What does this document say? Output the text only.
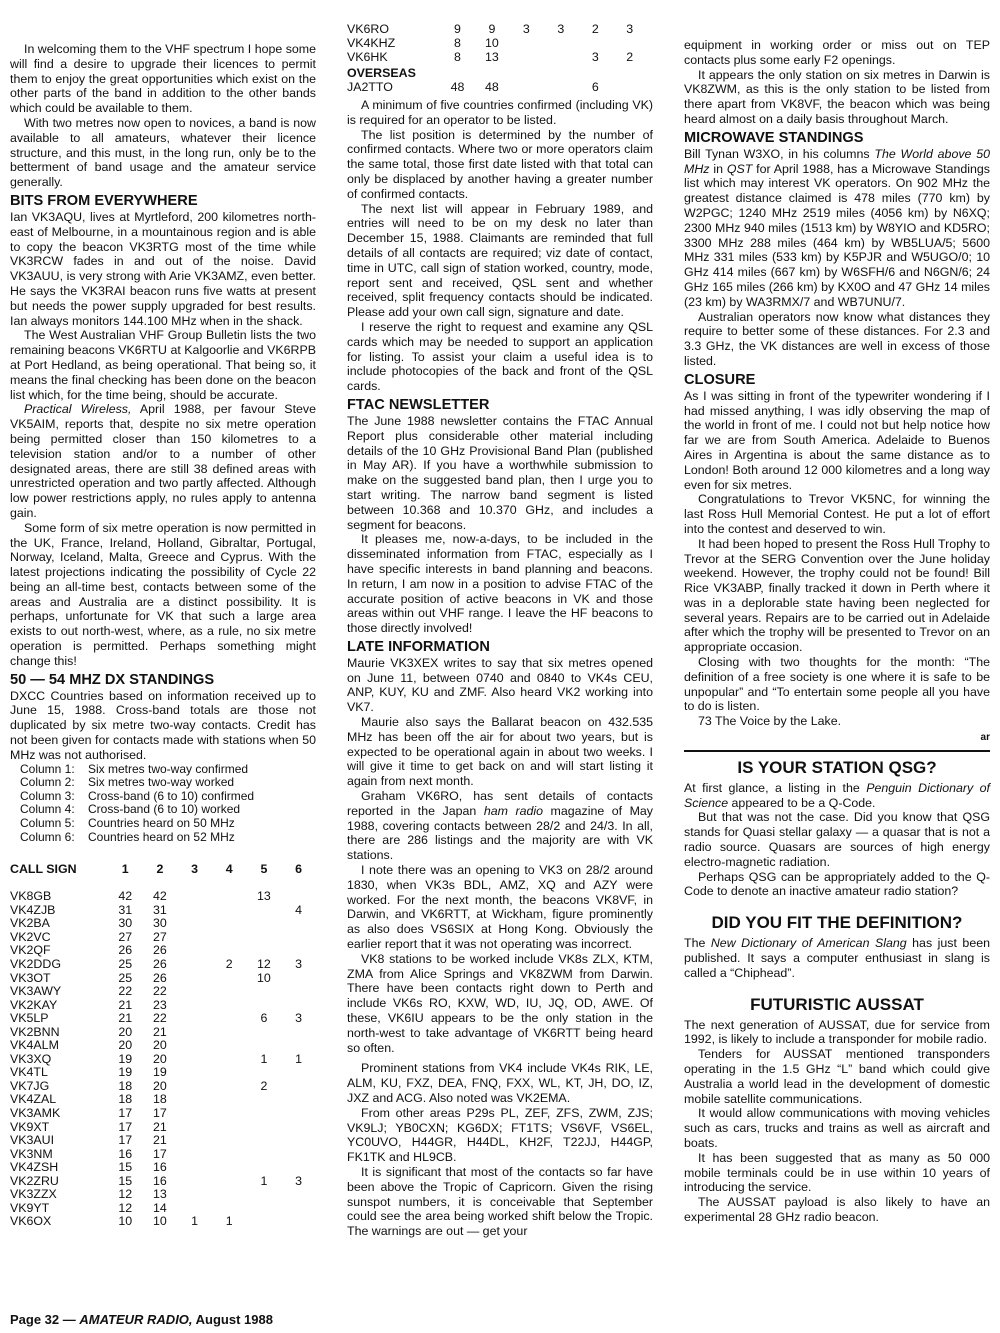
In welcoming them to the VHF spectrum I hope some will find a desire to upgrade their licences to permit them to enjoy the great opportunities which exist on the other parts of the band in addition to the other bands which could be available to them.

With two metres now open to novices, a band is now available to all amateurs, whatever their licence structure, and this must, in the long run, only be to the betterment of band usage and the amateur service generally.

BITS FROM EVERYWHERE

Ian VK3AQU, lives at Myrtleford, 200 kilometres north-east of Melbourne, in a mountainous region and is able to copy the beacon VK3RTG most of the time while VK3RCW fades in and out of the noise. David VK3AUU, is very strong with Arie VK3AMZ, even better. He says the VK3RAI beacon runs five watts at present but needs the power supply upgraded for best results. Ian always monitors 144.100 MHz when in the shack.

The West Australian VHF Group Bulletin lists the two remaining beacons VK6RTU at Kalgoorlie and VK6RPB at Port Hedland, as being operational. That being so, it means the final checking has been done on the beacon list which, for the time being, should be accurate.

Practical Wireless, April 1988, per favour Steve VK5AIM, reports that, despite no six metre operation being permitted closer than 150 kilometres to a television station and/or to a number of other designated areas, there are still 38 defined areas with unrestricted operation and two partly affected. Although low power restrictions apply, no rules apply to antenna gain.

Some form of six metre operation is now permitted in the UK, France, Ireland, Holland, Gibraltar, Portugal, Norway, Iceland, Malta, Greece and Cyprus. With the latest projections indicating the possibility of Cycle 22 being an all-time best, contacts between some of the areas and Australia are a distinct possibility. It is perhaps, unfortunate for VK that such a large area exists to out north-west, where, as a rule, no six metre operation is permitted. Perhaps something might change this!

50 — 54 MHZ DX STANDINGS

DXCC Countries based on information received up to June 15, 1988. Cross-band totals are those not duplicated by six metre two-way contacts. Credit has not been given for contacts made with stations when 50 MHz was not authorised.

Column 1:	Six metres two-way confirmed
Column 2:	Six metres two-way worked
Column 3:	Cross-band (6 to 10) confirmed
Column 4:	Cross-band (6 to 10) worked
Column 5:	Countries heard on 50 MHz
Column 6:	Countries heard on 52 MHz
CALL SIGN	1	2	3	4	5	6

VK8GB	42	42			13	
VK4ZJB	31	31				4
VK2BA	30	30				
VK2VC	27	27				
VK2QF	26	26				
VK2DDG	25	26		2	12	3
VK3OT	25	26			10	
VK3AWY	22	22				
VK2KAY	21	23				
VK5LP	21	22			6	3
VK2BNN	20	21				
VK4ALM	20	20				
VK3XQ	19	20			1	1
VK4TL	19	19				
VK7JG	18	20			2	
VK4ZAL	18	18				
VK3AMK	17	17				
VK9XT	17	21				
VK3AUI	17	21				
VK3NM	16	17				
VK4ZSH	15	16				
VK2ZRU	15	16			1	3
VK3ZZX	12	13				
VK9YT	12	14				
VK6OX	10	10	1	1		
VK6RO	9	9	3	3	2	3
VK4KHZ	8	10				
VK6HK	8	13			3	2
OVERSEAS						
JA2TTO	48	48			6	

A minimum of five countries confirmed (including VK) is required for an operator to be listed.

The list position is determined by the number of confirmed contacts. Where two or more operators claim the same total, those first date listed with that total can only be displaced by another having a greater number of confirmed contacts.

The next list will appear in February 1989, and entries will need to be on my desk no later than December 15, 1988. Claimants are reminded that full details of all contacts are required; viz date of contact, time in UTC, call sign of station worked, country, mode, report sent and received, QSL sent and whether received, split frequency contacts should be indicated. Please add your own call sign, signature and date.

I reserve the right to request and examine any QSL cards which may be needed to support an application for listing. To assist your claim a useful idea is to include photocopies of the back and front of the QSL cards.

FTAC NEWSLETTER

The June 1988 newsletter contains the FTAC Annual Report plus considerable other material including details of the 10 GHz Provisional Band Plan (published in May AR). If you have a worthwhile submission to make on the suggested band plan, then I urge you to start writing. The narrow band segment is listed between 10.368 and 10.370 GHz, and includes a segment for beacons.

It pleases me, now-a-days, to be included in the disseminated information from FTAC, especially as I have specific interests in band planning and beacons. In return, I am now in a position to advise FTAC of the accurate position of active beacons in VK and those areas within out VHF range. I leave the HF beacons to those directly involved!

LATE INFORMATION

Maurie VK3XEX writes to say that six metres opened on June 11, between 0740 and 0840 to VK4s CEU, ANP, KUY, KU and ZMF. Also heard VK2 working into VK7.

Maurie also says the Ballarat beacon on 432.535 MHz has been off the air for about two years, but is expected to be operational again in about two weeks. I will give it time to get back on and will start listing it again from next month.

Graham VK6RO, has sent details of contacts reported in the Japan ham radio magazine of May 1988, covering contacts between 28/2 and 24/3. In all, there are 286 listings and the majority are with VK stations.

I note there was an opening to VK3 on 28/2 around 1830, when VK3s BDL, AMZ, XQ and AZY were worked. For the next month, the beacons VK8VF, in Darwin, and VK6RTT, at Wickham, figure prominently as also does VS6SIX at Hong Kong. Obviously the earlier report that it was not operating was incorrect.

VK8 stations to be worked include VK8s ZLX, KTM, ZMA from Alice Springs and VK8ZWM from Darwin. There have been contacts right down to Perth and include VK6s RO, KXW, WD, IU, JQ, OD, AWE. Of these, VK6IU appears to be the only station in the north-west to take advantage of VK6RTT being heard so often.

Prominent stations from VK4 include VK4s RIK, LE, ALM, KU, FXZ, DEA, FNQ, FXX, WL, KT, JH, DO, IZ, JXZ and ACG. Also noted was VK2EMA.

From other areas P29s PL, ZEF, ZFS, ZWM, ZJS; VK9LJ; YB0CXN; KG6DX; FT1TS; VS6VF, VS6EL, YC0UVO, H44GR, H44DL, KH2F, T22JJ, H44GP, FK1TK and HL9CB.

It is significant that most of the contacts so far have been above the Tropic of Capricorn. Given the rising sunspot numbers, it is conceivable that September could see the area being worked shift below the Tropic. The warnings are out — get your

equipment in working order or miss out on TEP contacts plus some early F2 openings.

It appears the only station on six metres in Darwin is VK8ZWM, as this is the only station to be listed from there apart from VK8VF, the beacon which was being heard almost on a daily basis throughout March.

MICROWAVE STANDINGS

Bill Tynan W3XO, in his columns The World above 50 MHz in QST for April 1988, has a Microwave Standings list which may interest VK operators. On 902 MHz the greatest distance claimed is 478 miles (770 km) by W2PGC; 1240 MHz 2519 miles (4056 km) by N6XQ; 2300 MHz 940 miles (1513 km) by W8YIO and KD5RO; 3300 MHz 288 miles (464 km) by WB5LUA/5; 5600 MHz 331 miles (533 km) by K5PJR and W5UGO/0; 10 GHz 414 miles (667 km) by W6SFH/6 and N6GN/6; 24 GHz 165 miles (266 km) by KX0O and 47 GHz 14 miles (23 km) by WA3RMX/7 and WB7UNU/7.

Australian operators now know what distances they require to better some of these distances. For 2.3 and 3.3 GHz, the VK distances are well in excess of those listed.

CLOSURE

As I was sitting in front of the typewriter wondering if I had missed anything, I was idly observing the map of the world in front of me. I could not but help notice how far we are from South America. Adelaide to Buenos Aires in Argentina is about the same distance as to London! Both around 12 000 kilometres and a long way even for six metres.

Congratulations to Trevor VK5NC, for winning the last Ross Hull Memorial Contest. He put a lot of effort into the contest and deserved to win.

It had been hoped to present the Ross Hull Trophy to Trevor at the SERG Convention over the June holiday weekend. However, the trophy could not be found! Bill Rice VK3ABP, finally tracked it down in Perth where it was in a deplorable state having been neglected for several years. Repairs are to be carried out in Adelaide after which the trophy will be presented to Trevor on an appropriate occasion.

Closing with two thoughts for the month: “The definition of a free society is one where it is safe to be unpopular” and “To entertain some people all you have to do is listen.

73 The Voice by the Lake.

ar
IS YOUR STATION QSG?

At first glance, a listing in the Penguin Dictionary of Science appeared to be a Q-Code.

But that was not the case. Did you know that QSG stands for Quasi stellar galaxy — a quasar that is not a radio source. Quasars are sources of high energy electro-magnetic radiation.

Perhaps QSG can be appropriately added to the Q-Code to denote an inactive amateur radio station?

DID YOU FIT THE DEFINITION?

The New Dictionary of American Slang has just been published. It says a computer enthusiast in slang is called a “Chiphead”.

FUTURISTIC AUSSAT

The next generation of AUSSAT, due for service from 1992, is likely to include a transponder for mobile radio.

Tenders for AUSSAT mentioned transponders operating in the 1.5 GHz “L” band which could give Australia a world lead in the development of domestic mobile satellite communications.

It would allow communications with moving vehicles such as cars, trucks and trains as well as aircraft and boats.

It has been suggested that as many as 50 000 mobile terminals could be in use within 10 years of introducing the service.

The AUSSAT payload is also likely to have an experimental 28 GHz radio beacon.

Page 32 — AMATEUR RADIO, August 1988
